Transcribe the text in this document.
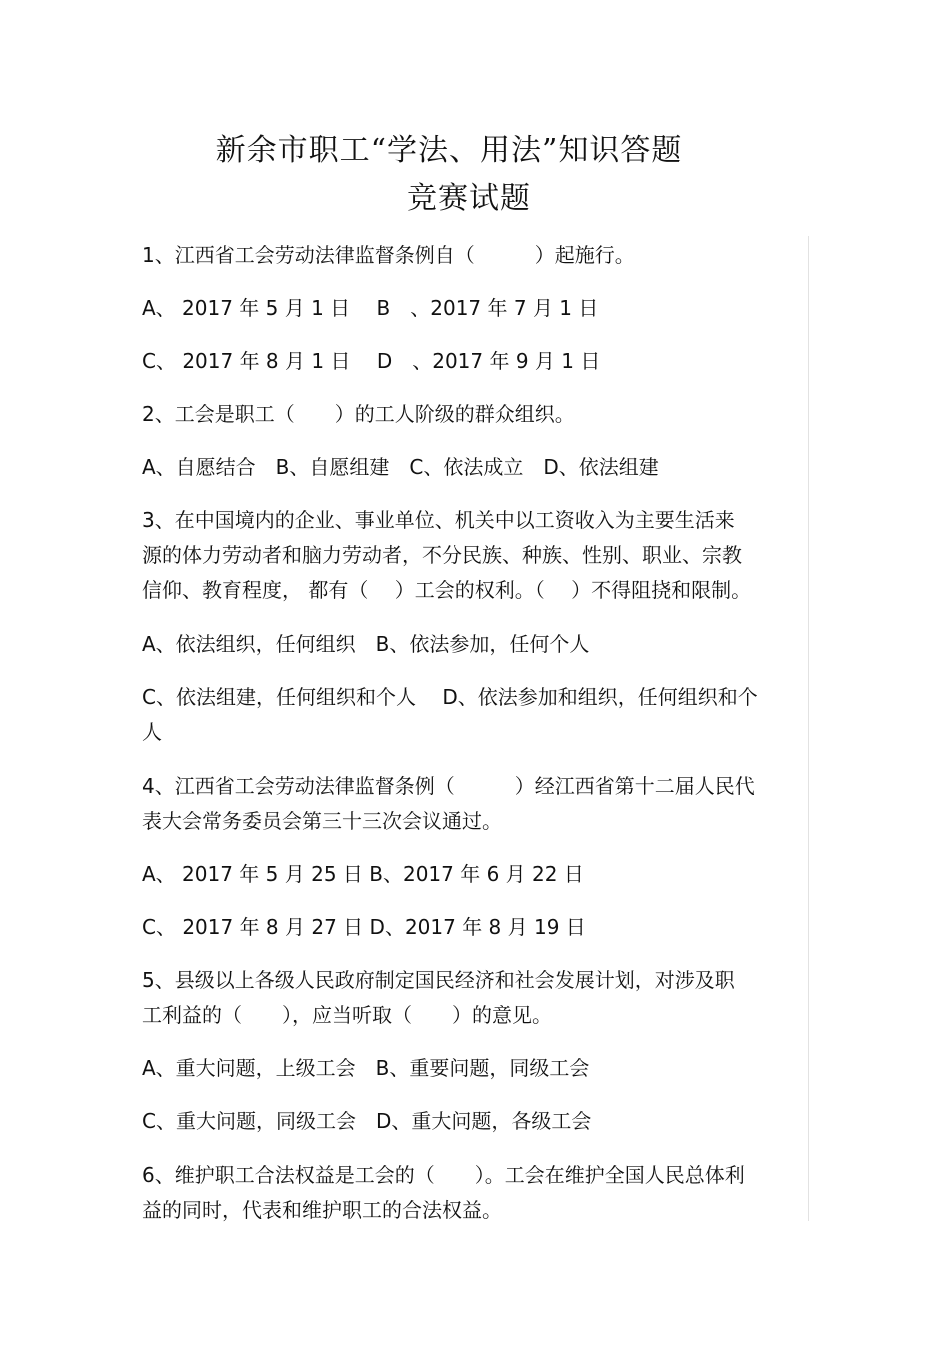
新余市职工“学法、用法”知识答题
竞赛试题
1、江西省工会劳动法律监督条例自（　　　）起施行。
A、 2017 年 5 月 1 日　 B　、2017 年 7 月 1 日
C、 2017 年 8 月 1 日　 D　、2017 年 9 月 1 日
2、工会是职工（　　）的工人阶级的群众组织。
A、自愿结合　B、自愿组建　C、依法成立　D、依法组建
3、在中国境内的企业、事业单位、机关中以工资收入为主要生活来
源的体力劳动者和脑力劳动者，不分民族、种族、性别、职业、宗教
信仰、教育程度， 都有（　 ）工会的权利。（　 ）不得阻挠和限制。
A、依法组织，任何组织　B、依法参加，任何个人
C、依法组建，任何组织和个人　 D、依法参加和组织，任何组织和个
人
4、江西省工会劳动法律监督条例（　　　）经江西省第十二届人民代
表大会常务委员会第三十三次会议通过。
A、 2017 年 5 月 25 日 B、2017 年 6 月 22 日
C、 2017 年 8 月 27 日 D、2017 年 8 月 19 日
5、县级以上各级人民政府制定国民经济和社会发展计划，对涉及职
工利益的（　　），应当听取（　　）的意见。
A、重大问题，上级工会　B、重要问题，同级工会
C、重大问题，同级工会　D、重大问题，各级工会
6、维护职工合法权益是工会的（　　）。工会在维护全国人民总体利
益的同时，代表和维护职工的合法权益。
